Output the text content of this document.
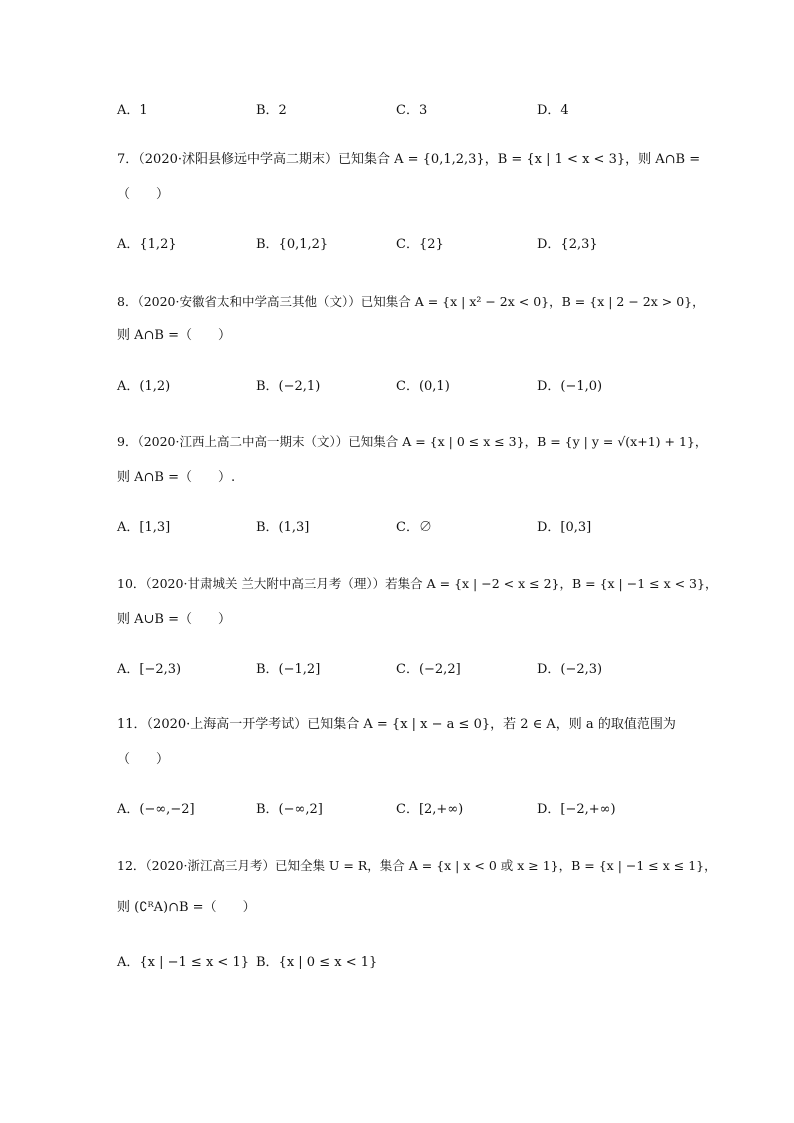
A．1	B．2	C．3	D．4
7．（2020·沭阳县修远中学高二期末）已知集合 A = {0,1,2,3}，B = {x | 1 < x < 3}，则 A∩B =
（　　）
A．{1,2}	B．{0,1,2}	C．{2}	D．{2,3}
8．（2020·安徽省太和中学高三其他（文））已知集合 A = {x | x² − 2x < 0}，B = {x | 2 − 2x > 0}，
则 A∩B =（　　）
A．(1,2)	B．(−2,1)	C．(0,1)	D．(−1,0)
9．（2020·江西上高二中高一期末（文））已知集合 A = {x | 0 ≤ x ≤ 3}，B = {y | y = √(x+1) + 1}，
则 A∩B =（　　）.
A．[1,3]	B．(1,3]	C．∅	D．[0,3]
10．（2020·甘肃城关 兰大附中高三月考（理））若集合 A = {x | −2 < x ≤ 2}，B = {x | −1 ≤ x < 3}，
则 A∪B =（　　）
A．[−2,3)	B．(−1,2]	C．(−2,2]	D．(−2,3)
11．（2020·上海高一开学考试）已知集合 A = {x | x − a ≤ 0}，若 2 ∈ A，则 a 的取值范围为
（　　）
A．(−∞,−2]	B．(−∞,2]	C．[2,+∞)	D．[−2,+∞)
12．（2020·浙江高三月考）已知全集 U = R，集合 A = {x | x < 0 或 x ≥ 1}，B = {x | −1 ≤ x ≤ 1}，
则 (∁ᴿA)∩B =（　　）
A．{x | −1 ≤ x < 1} B．{x | 0 ≤ x < 1}
